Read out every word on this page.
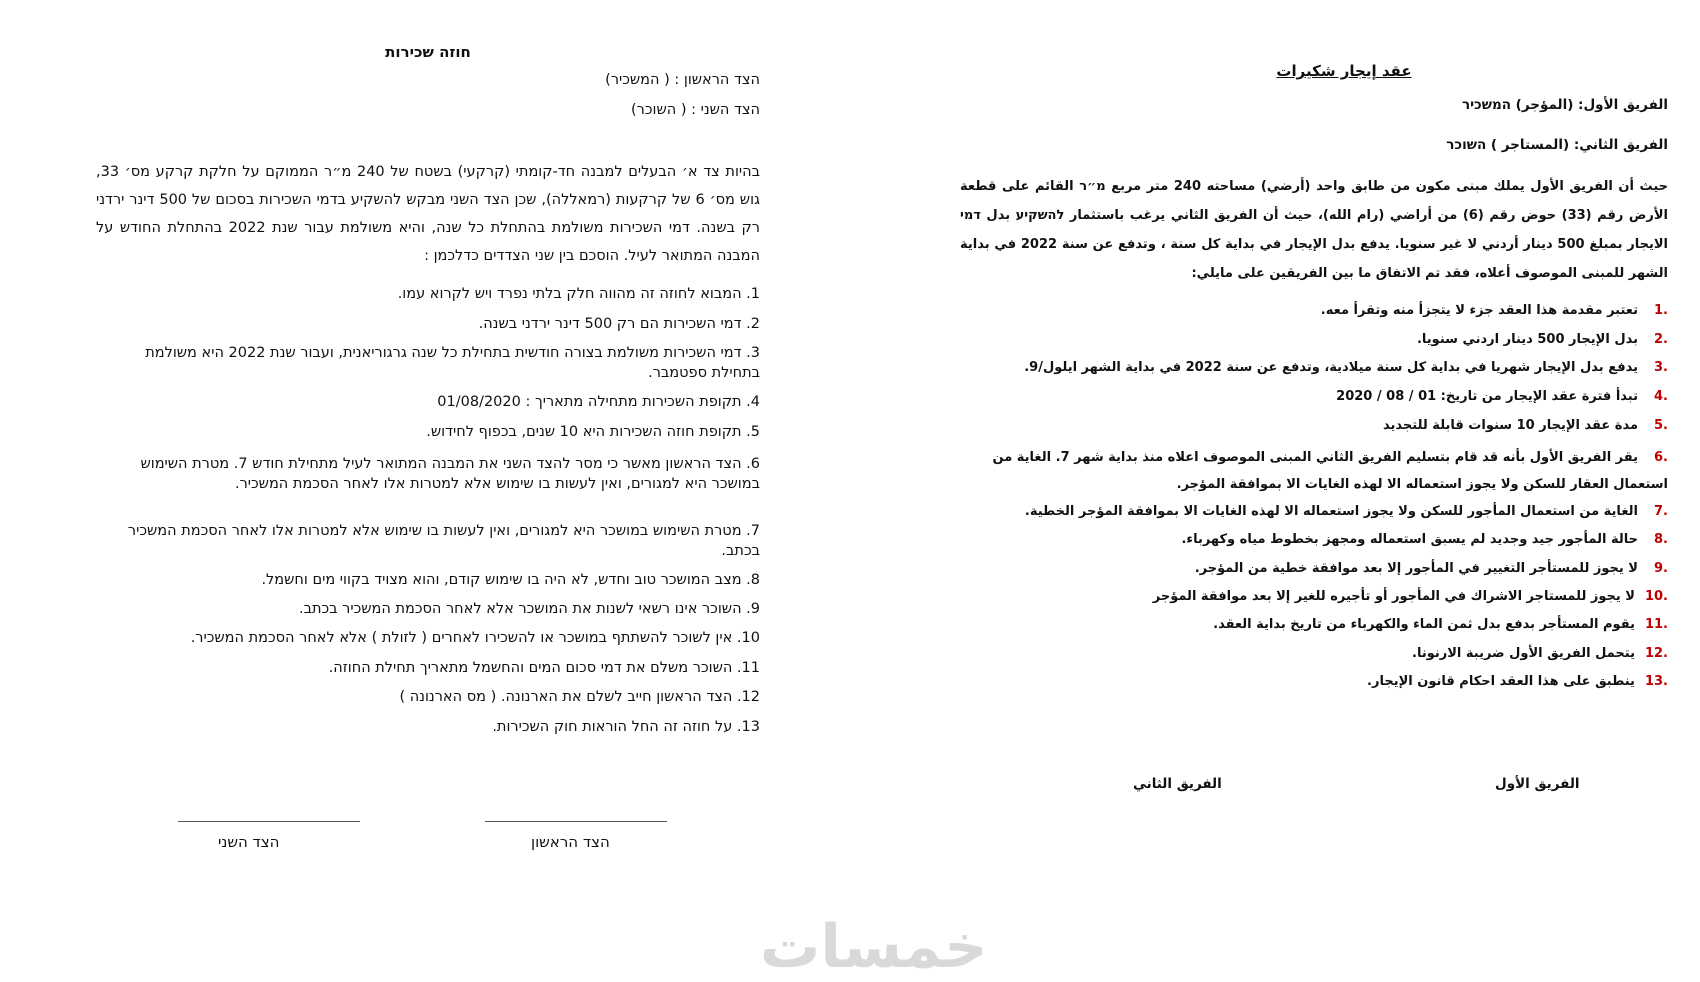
חוזה שכירות
הצד הראשון : ( המשכיר)
הצד השני : ( השוכר)
בהיות צד א׳ הבעלים למבנה חד-קומתי (קרקעי) בשטח של 240 מ״ר הממוקם על חלקת קרקע מס׳ 33, גוש מס׳ 6 של קרקעות (רמאללה), שכן הצד השני מבקש להשקיע בדמי השכירות בסכום של 500 דינר ירדני רק בשנה. דמי השכירות משולמת בהתחלת כל שנה, והיא משולמת עבור שנת 2022 בהתחלת החודש על המבנה המתואר לעיל. הוסכם בין שני הצדדים כדלכמן :
1. המבוא לחוזה זה מהווה חלק בלתי נפרד ויש לקרוא עמו.
2. דמי השכירות הם רק 500 דינר ירדני בשנה.
3. דמי השכירות משולמת בצורה חודשית בתחילת כל שנה גרגוריאנית, ועבור שנת 2022 היא משולמת בתחילת ספטמבר.
4. תקופת השכירות מתחילה מתאריך : 01/08/2020
5. תקופת חוזה השכירות היא 10 שנים, בכפוף לחידוש.
6. הצד הראשון מאשר כי מסר להצד השני את המבנה המתואר לעיל מתחילת חודש 7. מטרת השימוש במושכר היא למגורים, ואין לעשות בו שימוש אלא למטרות אלו לאחר הסכמת המשכיר.
7. מטרת השימוש במושכר היא למגורים, ואין לעשות בו שימוש אלא למטרות אלו לאחר הסכמת המשכיר בכתב.
8. מצב המושכר טוב וחדש, לא היה בו שימוש קודם, והוא מצויד בקווי מים וחשמל.
9. השוכר אינו רשאי לשנות את המושכר אלא לאחר הסכמת המשכיר בכתב.
10. אין לשוכר להשתתף במושכר או להשכירו לאחרים ( לזולת ) אלא לאחר הסכמת המשכיר.
11. השוכר משלם את דמי סכום המים והחשמל מתאריך תחילת החוזה.
12. הצד הראשון חייב לשלם את הארנונה. ( מס הארנונה )
13. על חוזה זה החל הוראות חוק השכירות.
הצד הראשון
הצד השני
عقد إيجار شكيرات
الفريق الأول: (المؤجر) המשכיר
الفريق الثاني: (المستاجر ) השוכר
حيث أن الفريق الأول يملك مبنى مكون من طابق واحد (أرضي) مساحته 240 متر مربع מ״ר القائم على قطعة الأرض رقم (33) حوض رقم (6) من أراضي (رام الله)، حيث أن الفريق الثاني يرغب باستثمار להשקיע بدل דמי الايجار بمبلغ 500 دينار أردني لا غير سنويا. يدفع بدل الإيجار في بداية كل سنة ، وتدفع عن سنة 2022 في بداية الشهر للمبنى الموصوف أعلاه، فقد تم الاتفاق ما بين الفريقين على مايلي:
.1تعتبر مقدمة هذا العقد جزء لا يتجزأ منه وتقرأ معه.
.2بدل الإيجار 500 دينار اردني سنويا.
.3يدفع بدل الإيجار شهريا في بداية كل سنة ميلادية، وتدفع عن سنة 2022 في بداية الشهر ايلول/9.
.4تبدأ فترة عقد الإيجار من تاريخ: 01 / 08 / 2020
.5مدة عقد الإيجار 10 سنوات قابلة للتجديد
.6يقر الفريق الأول بأنه قد قام بتسليم الفريق الثاني المبنى الموصوف اعلاه منذ بداية شهر 7. الغاية من استعمال العقار للسكن ولا يجوز استعماله الا لهذه الغايات الا بموافقة المؤجر.
.7الغاية من استعمال المأجور للسكن ولا يجوز استعماله الا لهذه الغايات الا بموافقة المؤجر الخطية.
.8حالة المأجور جيد وجديد لم يسبق استعماله ومجهز بخطوط مياه وكهرباء.
.9لا يجوز للمستأجر التغيير في المأجور إلا بعد موافقة خطية من المؤجر.
.10لا يجوز للمستاجر الاشراك في المأجور أو تأجيره للغير إلا بعد موافقة المؤجر
.11يقوم المستأجر بدفع بدل ثمن الماء والكهرباء من تاريخ بداية العقد.
.12يتحمل الفريق الأول ضريبة الارنونا.
.13ينطبق على هذا العقد احكام قانون الإيجار.
الفريق الأول
الفريق الثاني
خمسات
